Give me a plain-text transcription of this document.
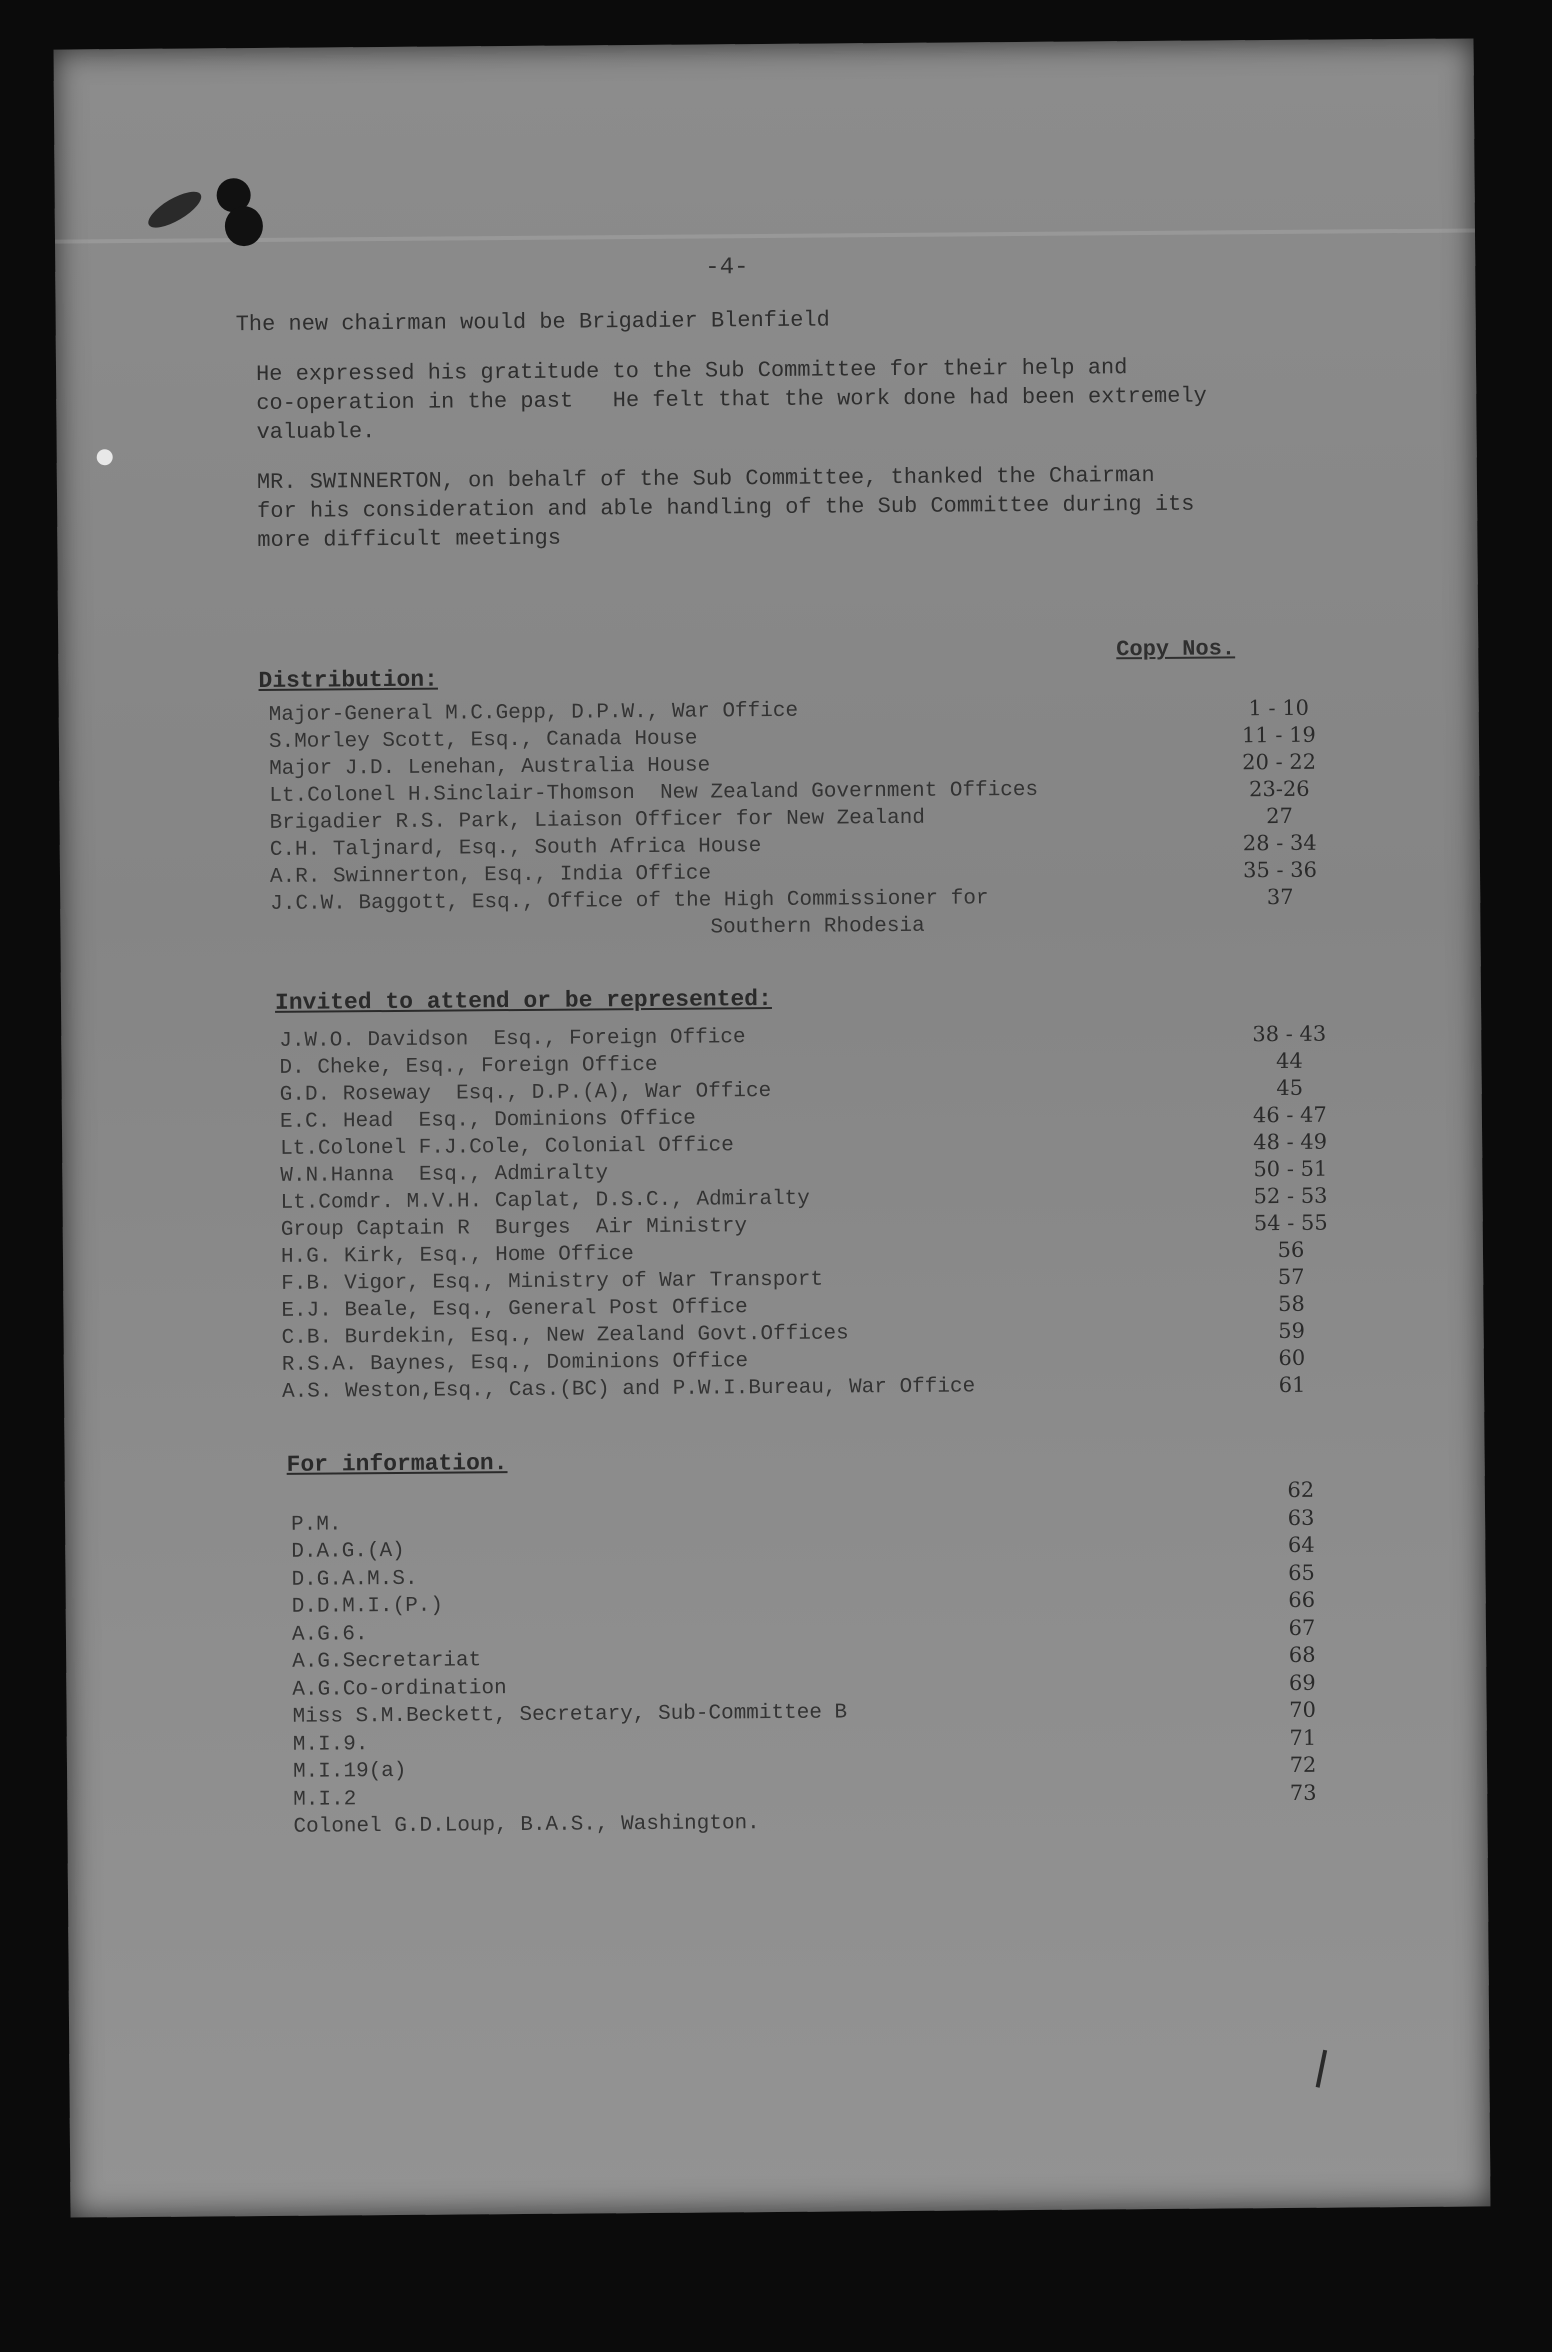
-4-
The new chairman would be Brigadier Blenfield
He expressed his gratitude to the Sub Committee for their help and
co-operation in the past   He felt that the work done had been extremely
valuable.
MR. SWINNERTON, on behalf of the Sub Committee, thanked the Chairman
for his consideration and able handling of the Sub Committee during its
more difficult meetings
Copy Nos.
Distribution:
Major-General M.C.Gepp, D.P.W., War Office	1 - 10
S.Morley Scott, Esq., Canada House	11 - 19
Major J.D. Lenehan, Australia House	20 - 22
Lt.Colonel H.Sinclair-Thomson  New Zealand Government Offices	23-26
Brigadier R.S. Park, Liaison Officer for New Zealand	27
C.H. Taljnard, Esq., South Africa House	28 - 34
A.R. Swinnerton, Esq., India Office	35 - 36
J.C.W. Baggott, Esq., Office of the High Commissioner for	37
Southern Rhodesia
Invited to attend or be represented:
J.W.O. Davidson  Esq., Foreign Office	38 - 43
D. Cheke, Esq., Foreign Office	44
G.D. Roseway  Esq., D.P.(A), War Office	45
E.C. Head  Esq., Dominions Office	46 - 47
Lt.Colonel F.J.Cole, Colonial Office	48 - 49
W.N.Hanna  Esq., Admiralty	50 - 51
Lt.Comdr. M.V.H. Caplat, D.S.C., Admiralty	52 - 53
Group Captain R  Burges  Air Ministry	54 - 55
H.G. Kirk, Esq., Home Office	56
F.B. Vigor, Esq., Ministry of War Transport	57
E.J. Beale, Esq., General Post Office	58
C.B. Burdekin, Esq., New Zealand Govt.Offices	59
R.S.A. Baynes, Esq., Dominions Office	60
A.S. Weston,Esq., Cas.(BC) and P.W.I.Bureau, War Office	61
For information.
62
P.M.	63
D.A.G.(A)	64
D.G.A.M.S.	65
D.D.M.I.(P.)	66
A.G.6.	67
A.G.Secretariat	68
A.G.Co-ordination	69
Miss S.M.Beckett, Secretary, Sub-Committee B	70
M.I.9.	71
M.I.19(a)	72
M.I.2	73
Colonel G.D.Loup, B.A.S., Washington.
